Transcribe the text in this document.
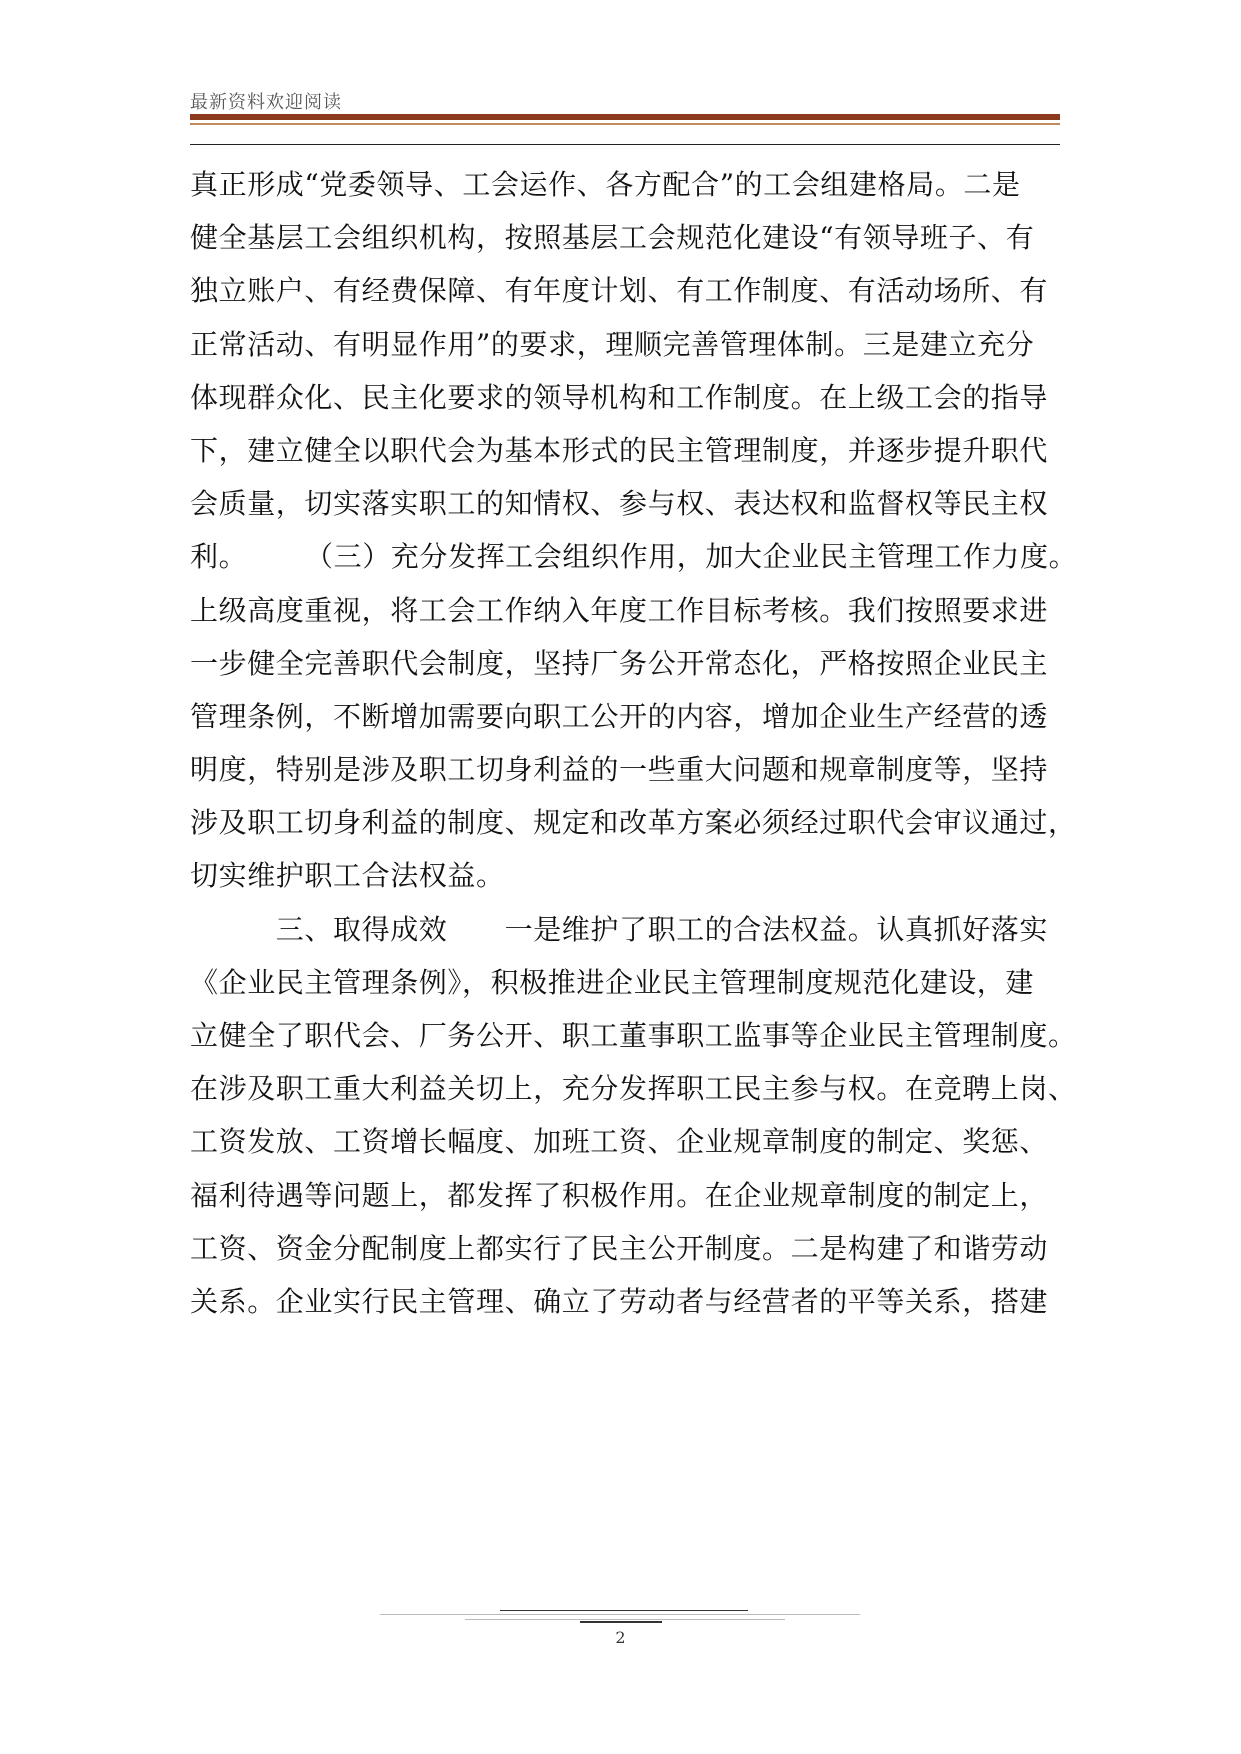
最新资料欢迎阅读
真正形成“党委领导、工会运作、各方配合”的工会组建格局。二是
健全基层工会组织机构，按照基层工会规范化建设“有领导班子、有
独立账户、有经费保障、有年度计划、有工作制度、有活动场所、有
正常活动、有明显作用”的要求，理顺完善管理体制。三是建立充分
体现群众化、民主化要求的领导机构和工作制度。在上级工会的指导
下，建立健全以职代会为基本形式的民主管理制度，并逐步提升职代
会质量，切实落实职工的知情权、参与权、表达权和监督权等民主权
利。　　　（三）充分发挥工会组织作用，加大企业民主管理工作力度。
上级高度重视，将工会工作纳入年度工作目标考核。我们按照要求进
一步健全完善职代会制度，坚持厂务公开常态化，严格按照企业民主
管理条例，不断增加需要向职工公开的内容，增加企业生产经营的透
明度，特别是涉及职工切身利益的一些重大问题和规章制度等，坚持
涉及职工切身利益的制度、规定和改革方案必须经过职代会审议通过，
切实维护职工合法权益。
　　　三、取得成效　　一是维护了职工的合法权益。认真抓好落实
《企业民主管理条例》，积极推进企业民主管理制度规范化建设，建
立健全了职代会、厂务公开、职工董事职工监事等企业民主管理制度。
在涉及职工重大利益关切上，充分发挥职工民主参与权。在竞聘上岗、
工资发放、工资增长幅度、加班工资、企业规章制度的制定、奖惩、
福利待遇等问题上，都发挥了积极作用。在企业规章制度的制定上，
工资、资金分配制度上都实行了民主公开制度。二是构建了和谐劳动
关系。企业实行民主管理、确立了劳动者与经营者的平等关系，搭建
2
